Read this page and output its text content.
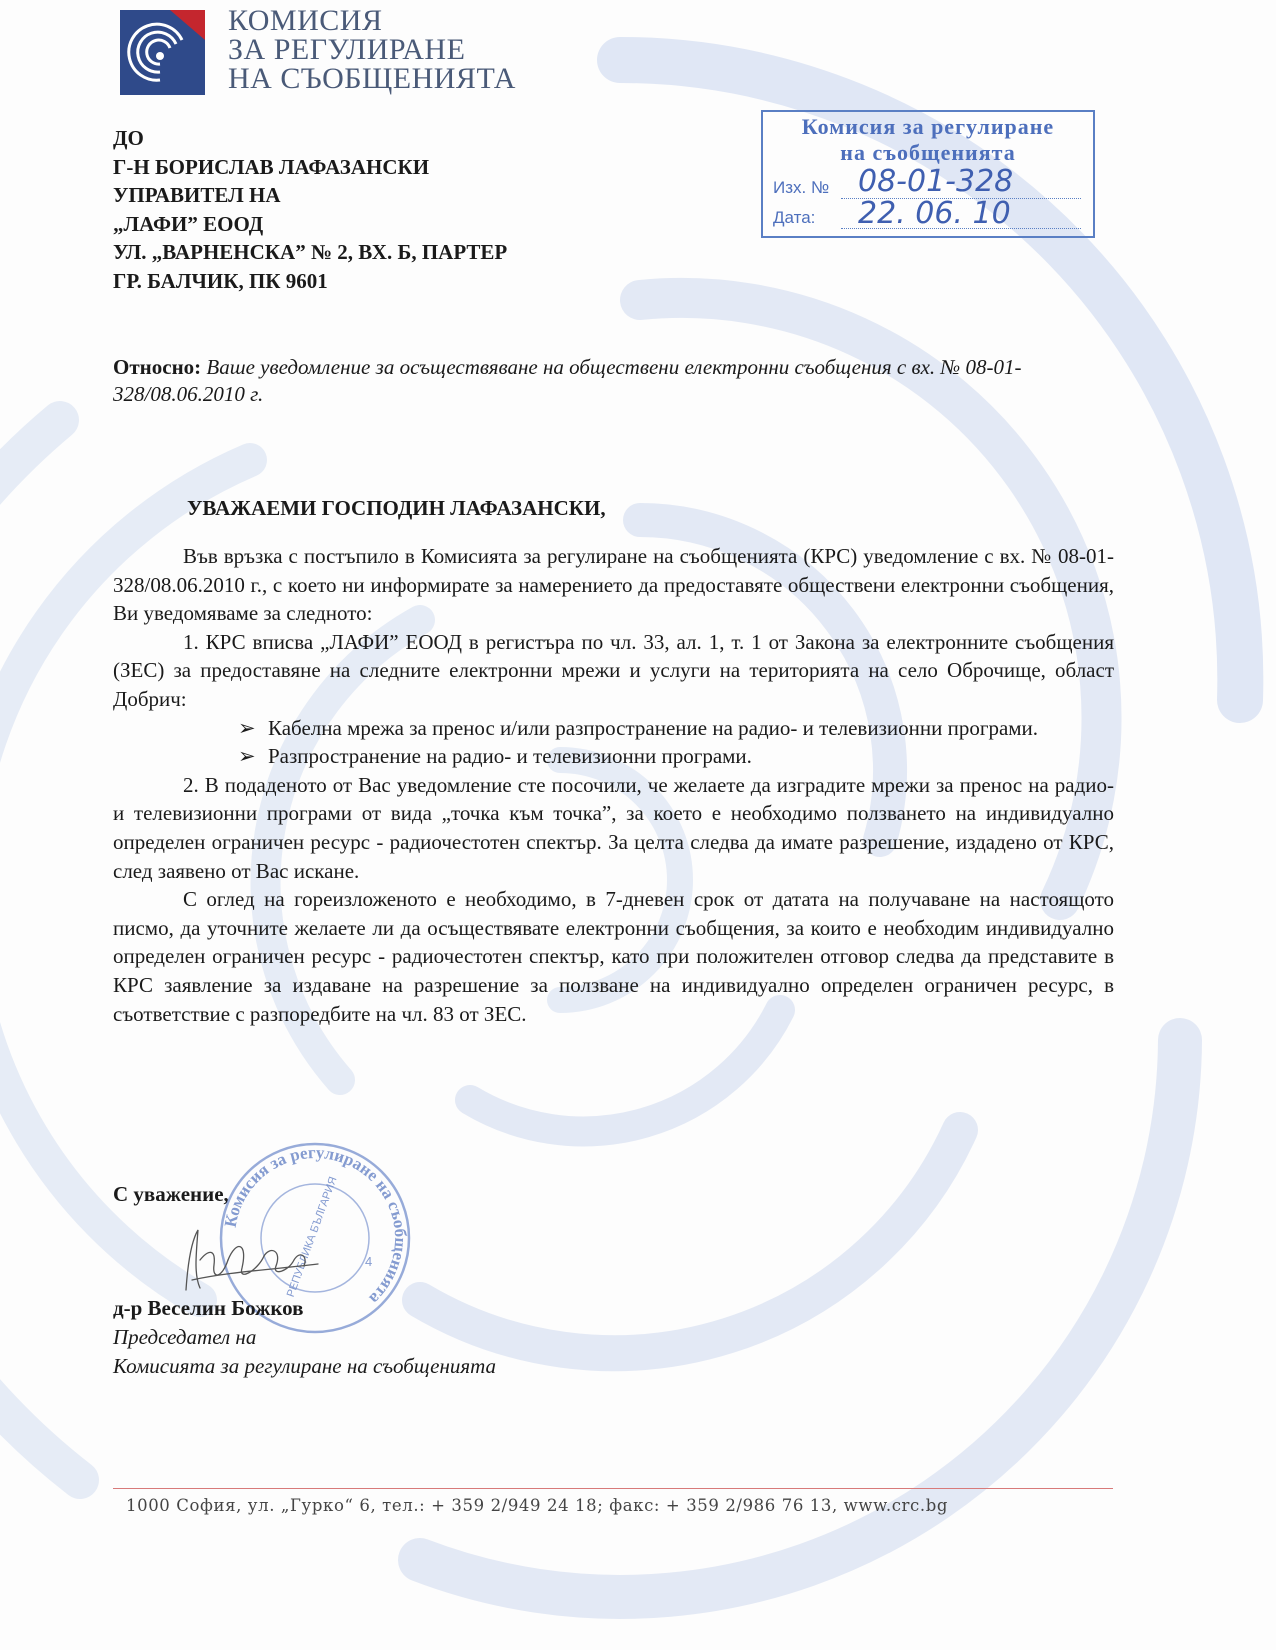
КОМИСИЯ
ЗА РЕГУЛИРАНЕ
НА СЪОБЩЕНИЯТА
Комисия за регулиране
на съобщенията
Изх. № 08-01-328
Дата: 22. 06. 10
ДО
Г-Н БОРИСЛАВ ЛАФАЗАНСКИ
УПРАВИТЕЛ НА
„ЛАФИ” ЕООД
УЛ. „ВАРНЕНСКА” № 2, ВХ. Б, ПАРТЕР
ГР. БАЛЧИК, ПК 9601
Относно: Ваше уведомление за осъществяване на обществени електронни съобщения с вх. № 08-01-328/08.06.2010 г.
УВАЖАЕМИ ГОСПОДИН ЛАФАЗАНСКИ,

Във връзка с постъпило в Комисията за регулиране на съобщенията (КРС) уведомление с вх. № 08-01-328/08.06.2010 г., с което ни информирате за намерението да предоставяте обществени електронни съобщения, Ви уведомяваме за следното:

1. КРС вписва „ЛАФИ” ЕООД в регистъра по чл. 33, ал. 1, т. 1 от Закона за електронните съобщения (ЗЕС) за предоставяне на следните електронни мрежи и услуги на територията на село Оброчище, област Добрич:

➢ Кабелна мрежа за пренос и/или разпространение на радио- и телевизионни програми.
➢ Разпространение на радио- и телевизионни програми.

2. В подаденото от Вас уведомление сте посочили, че желаете да изградите мрежи за пренос на радио- и телевизионни програми от вида „точка към точка”, за което е необходимо ползването на индивидуално определен ограничен ресурс - радиочестотен спектър. За целта следва да имате разрешение, издадено от КРС, след заявено от Вас искане.

С оглед на гореизложеното е необходимо, в 7-дневен срок от датата на получаване на настоящото писмо, да уточните желаете ли да осъществявате електронни съобщения, за които е необходим индивидуално определен ограничен ресурс - радиочестотен спектър, като при положителен отговор следва да представите в КРС заявление за издаване на разрешение за ползване на индивидуално определен ограничен ресурс, в съответствие с разпоредбите на чл. 83 от ЗЕС.

С уважение,
Комисия за регулиране на съобщенията
РЕПУБЛИКА БЪЛГАРИЯ 4
д-р Веселин Божков
Председател на
Комисията за регулиране на съобщенията
1000 София, ул. „Гурко“ 6, тел.: + 359 2/949 24 18; факс: + 359 2/986 76 13, www.crc.bg
